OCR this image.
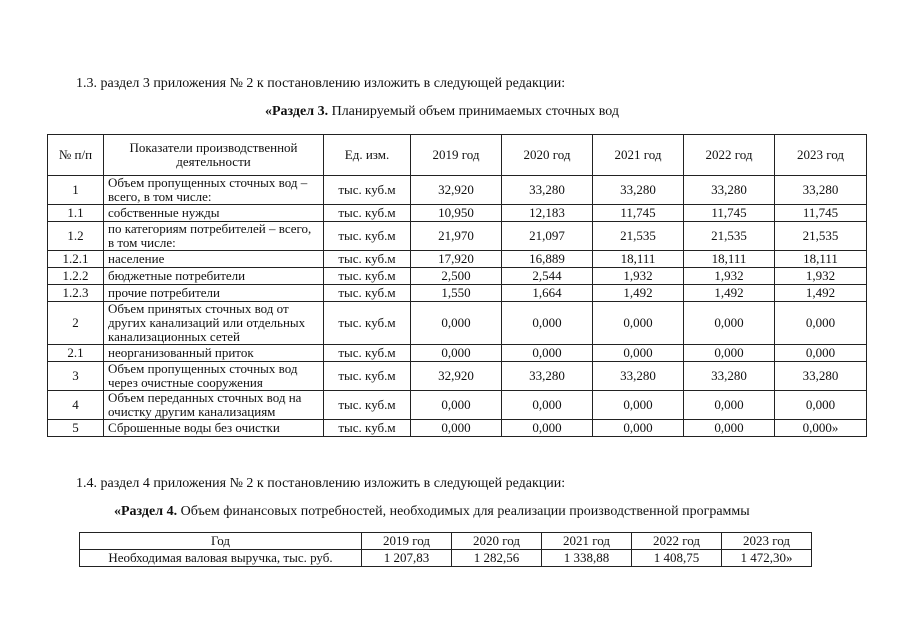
1.3. раздел 3 приложения № 2 к постановлению изложить в следующей редакции:
«Раздел 3. Планируемый объем принимаемых сточных вод
№ п/п	Показатели производственной деятельности	Ед. изм.	2019 год	2020 год	2021 год	2022 год	2023 год
1	Объем пропущенных сточных вод – всего, в том числе:	тыс. куб.м	32,920	33,280	33,280	33,280	33,280
1.1	собственные нужды	тыс. куб.м	10,950	12,183	11,745	11,745	11,745
1.2	по категориям потребителей – всего, в том числе:	тыс. куб.м	21,970	21,097	21,535	21,535	21,535
1.2.1	население	тыс. куб.м	17,920	16,889	18,111	18,111	18,111
1.2.2	бюджетные потребители	тыс. куб.м	2,500	2,544	1,932	1,932	1,932
1.2.3	прочие потребители	тыс. куб.м	1,550	1,664	1,492	1,492	1,492
2	Объем принятых сточных вод от других канализаций или отдельных канализационных сетей	тыс. куб.м	0,000	0,000	0,000	0,000	0,000
2.1	неорганизованный приток	тыс. куб.м	0,000	0,000	0,000	0,000	0,000
3	Объем пропущенных сточных вод через очистные сооружения	тыс. куб.м	32,920	33,280	33,280	33,280	33,280
4	Объем переданных сточных вод на очистку другим канализациям	тыс. куб.м	0,000	0,000	0,000	0,000	0,000
5	Сброшенные воды без очистки	тыс. куб.м	0,000	0,000	0,000	0,000	0,000»
1.4. раздел 4 приложения № 2 к постановлению изложить в следующей редакции:
«Раздел 4. Объем финансовых потребностей, необходимых для реализации производственной программы
Год	2019 год	2020 год	2021 год	2022 год	2023 год
Необходимая валовая выручка, тыс. руб.	1 207,83	1 282,56	1 338,88	1 408,75	1 472,30»
